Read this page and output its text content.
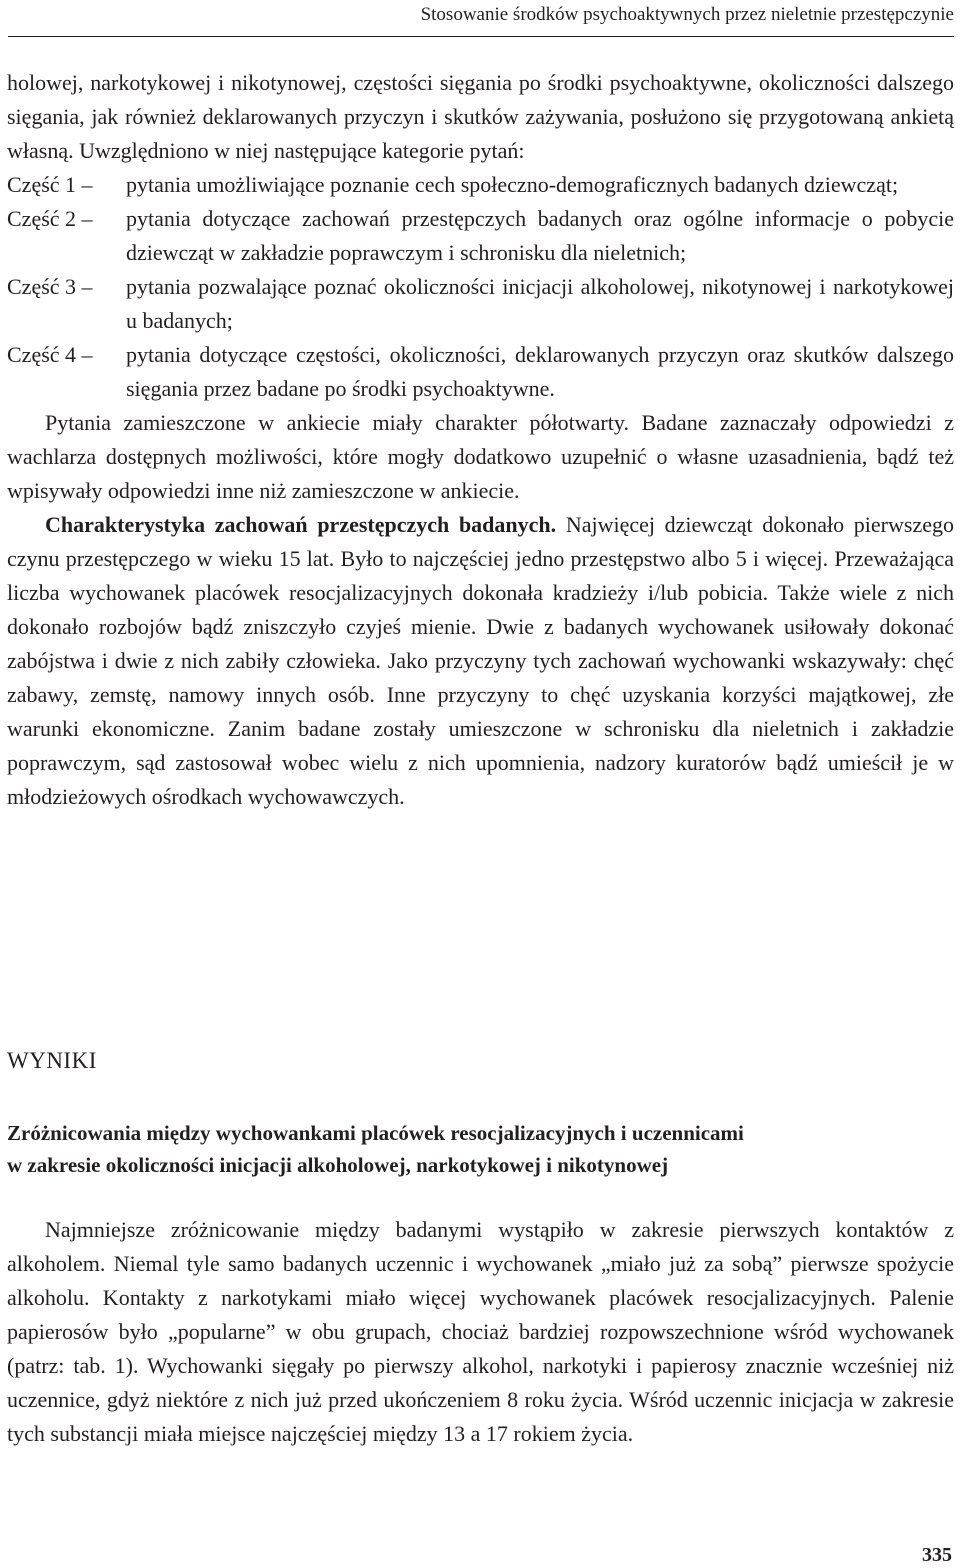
Stosowanie środków psychoaktywnych przez nieletnie przestępczynie

holowej, narkotykowej i nikotynowej, częstości sięgania po środki psychoaktywne, okoliczności dalszego sięgania, jak również deklarowanych przyczyn i skutków zażywania, posłużono się przygotowaną ankietą własną. Uwzględniono w niej następujące kategorie pytań:

Część 1 –	pytania umożliwiające poznanie cech społeczno-demograficznych badanych dziewcząt;
Część 2 –	pytania dotyczące zachowań przestępczych badanych oraz ogólne informacje o pobycie dziewcząt w zakładzie poprawczym i schronisku dla nieletnich;
Część 3 –	pytania pozwalające poznać okoliczności inicjacji alkoholowej, nikotynowej i narkotykowej u badanych;
Część 4 –	pytania dotyczące częstości, okoliczności, deklarowanych przyczyn oraz skutków dalszego sięgania przez badane po środki psychoaktywne.

Pytania zamieszczone w ankiecie miały charakter półotwarty. Badane zaznaczały odpowiedzi z wachlarza dostępnych możliwości, które mogły dodatkowo uzupełnić o własne uzasadnienia, bądź też wpisywały odpowiedzi inne niż zamieszczone w ankiecie.

Charakterystyka zachowań przestępczych badanych. Najwięcej dziewcząt dokonało pierwszego czynu przestępczego w wieku 15 lat. Było to najczęściej jedno przestępstwo albo 5 i więcej. Przeważająca liczba wychowanek placówek resocjalizacyjnych dokonała kradzieży i/lub pobicia. Także wiele z nich dokonało rozbojów bądź zniszczyło czyjeś mienie. Dwie z badanych wychowanek usiłowały dokonać zabójstwa i dwie z nich zabiły człowieka. Jako przyczyny tych zachowań wychowanki wskazywały: chęć zabawy, zemstę, namowy innych osób. Inne przyczyny to chęć uzyskania korzyści majątkowej, złe warunki ekonomiczne. Zanim badane zostały umieszczone w schronisku dla nieletnich i zakładzie poprawczym, sąd zastosował wobec wielu z nich upomnienia, nadzory kuratorów bądź umieścił je w młodzieżowych ośrodkach wychowawczych.

WYNIKI
Zróżnicowania między wychowankami placówek resocjalizacyjnych i uczennicami
w zakresie okoliczności inicjacji alkoholowej, narkotykowej i nikotynowej

Najmniejsze zróżnicowanie między badanymi wystąpiło w zakresie pierwszych kontaktów z alkoholem. Niemal tyle samo badanych uczennic i wychowanek „miało już za sobą” pierwsze spożycie alkoholu. Kontakty z narkotykami miało więcej wychowanek placówek resocjalizacyjnych. Palenie papierosów było „popularne” w obu grupach, chociaż bardziej rozpowszechnione wśród wychowanek (patrz: tab. 1). Wychowanki sięgały po pierwszy alkohol, narkotyki i papierosy znacznie wcześniej niż uczennice, gdyż niektóre z nich już przed ukończeniem 8 roku życia. Wśród uczennic inicjacja w zakresie tych substancji miała miejsce najczęściej między 13 a 17 rokiem życia.

335
